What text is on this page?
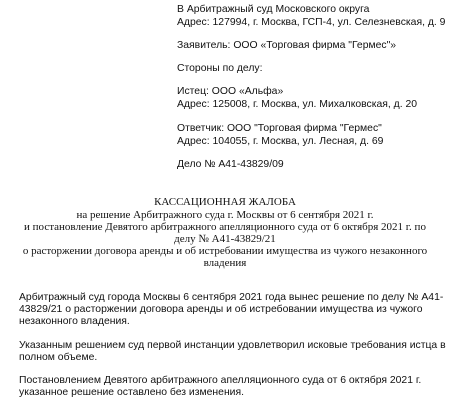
В Арбитражный суд Московского округа
Адрес: 127994, г. Москва, ГСП-4, ул. Селезневская, д. 9
Заявитель: ООО «Торговая фирма "Гермес"»
Стороны по делу:
Истец: ООО «Альфа»
Адрес: 125008, г. Москва, ул. Михалковская, д. 20
Ответчик: ООО "Торговая фирма "Гермес"
Адрес: 104055, г. Москва, ул. Лесная, д. 69
Дело № А41-43829/09
КАССАЦИОННАЯ ЖАЛОБА
на решение Арбитражного суда г. Москвы от 6 сентября 2021 г.
и постановление Девятого арбитражного апелляционного суда от 6 октября 2021 г. по
делу № А41-43829/21
о расторжении договора аренды и об истребовании имущества из чужого незаконного
владения
Арбитражный суд города Москвы 6 сентября 2021 года вынес решение по делу № А41-
43829/21 о расторжении договора аренды и об истребовании имущества из чужого
незаконного владения.
Указанным решением суд первой инстанции удовлетворил исковые требования истца в
полном объеме.
Постановлением Девятого арбитражного апелляционного суда от 6 октября 2021 г.
указанное решение оставлено без изменения.
